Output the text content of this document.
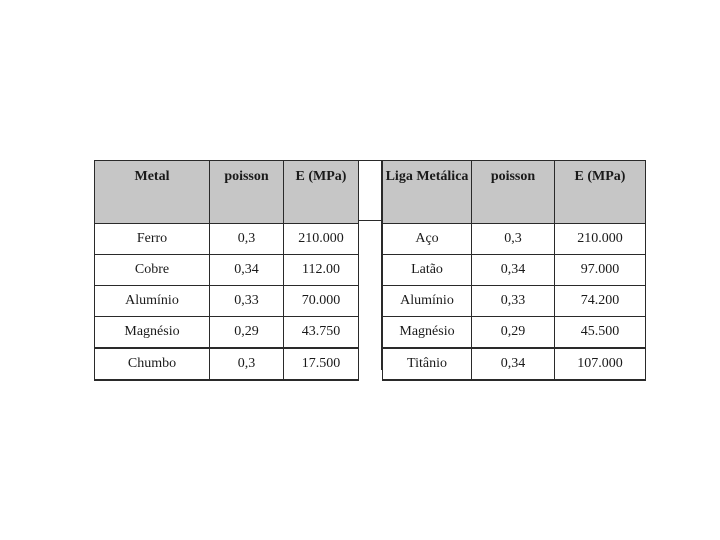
Metal	poisson	E (MPa)
Ferro	0,3	210.000
Cobre	0,34	112.00
Alumínio	0,33	70.000
Magnésio	0,29	43.750
Chumbo	0,3	17.500
Liga Metálica	poisson	E (MPa)
Aço	0,3	210.000
Latão	0,34	97.000
Alumínio	0,33	74.200
Magnésio	0,29	45.500
Titânio	0,34	107.000
